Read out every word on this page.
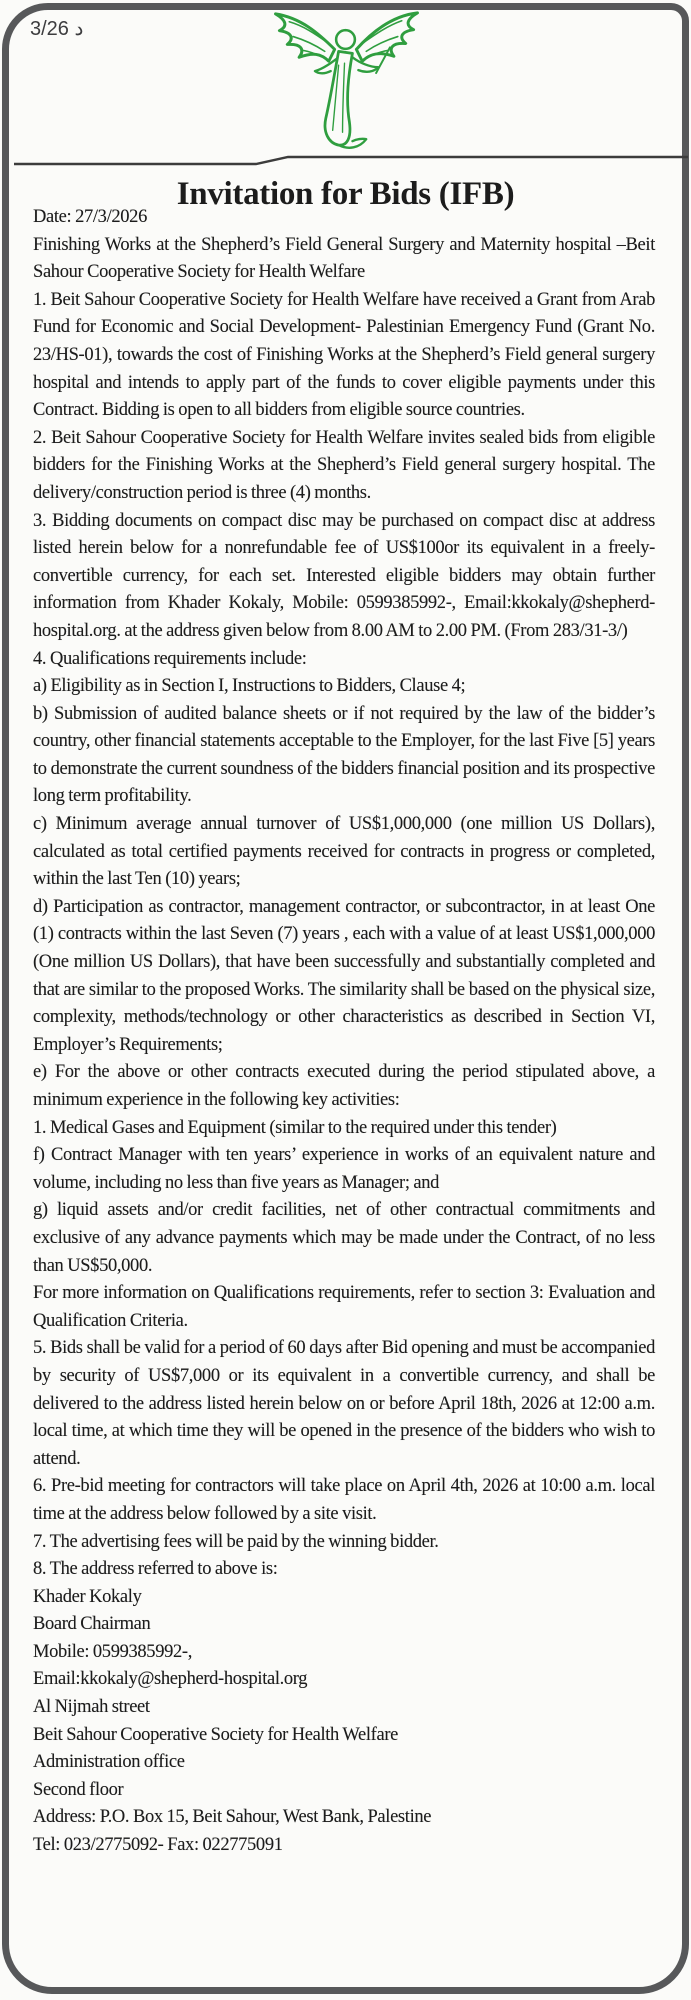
د 3/26
Invitation for Bids (IFB)

Date: 27/3/2026

Finishing Works at the Shepherd’s Field General Surgery and Maternity hospital –Beit Sahour Cooperative Society for Health Welfare

1. Beit Sahour Cooperative Society for Health Welfare have received a Grant from Arab Fund for Economic and Social Development- Palestinian Emergency Fund (Grant No. 23/HS-01), towards the cost of Finishing Works at the Shepherd’s Field general surgery hospital and intends to apply part of the funds to cover eligible payments under this Contract. Bidding is open to all bidders from eligible source countries.

2. Beit Sahour Cooperative Society for Health Welfare invites sealed bids from eligible bidders for the Finishing Works at the Shepherd’s Field general surgery hospital. The delivery/construction period is three (4) months.

3. Bidding documents on compact disc may be purchased on compact disc at address listed herein below for a nonrefundable fee of US$100or its equivalent in a freely-convertible currency, for each set. Interested eligible bidders may obtain further information from Khader Kokaly, Mobile: 0599385992-, Email:kkokaly@shepherd-hospital.org. at the address given below from 8.00 AM to 2.00 PM. (From 283/31-3/)

4. Qualifications requirements include:

a) Eligibility as in Section I, Instructions to Bidders, Clause 4;

b) Submission of audited balance sheets or if not required by the law of the bidder’s country, other financial statements acceptable to the Employer, for the last Five [5] years to demonstrate the current soundness of the bidders financial position and its prospective long term profitability.

c) Minimum average annual turnover of US$1,000,000 (one million US Dollars), calculated as total certified payments received for contracts in progress or completed, within the last Ten (10) years;

d) Participation as contractor, management contractor, or subcontractor, in at least One (1) contracts within the last Seven (7) years , each with a value of at least US$1,000,000 (One million US Dollars), that have been successfully and substantially completed and that are similar to the proposed Works. The similarity shall be based on the physical size, complexity, methods/technology or other characteristics as described in Section VI, Employer’s Requirements;

e) For the above or other contracts executed during the period stipulated above, a minimum experience in the following key activities:

1. Medical Gases and Equipment (similar to the required under this tender)

f) Contract Manager with ten years’ experience in works of an equivalent nature and volume, including no less than five years as Manager; and

g) liquid assets and/or credit facilities, net of other contractual commitments and exclusive of any advance payments which may be made under the Contract, of no less than US$50,000.

For more information on Qualifications requirements, refer to section 3: Evaluation and Qualification Criteria.

5. Bids shall be valid for a period of 60 days after Bid opening and must be accompanied by security of US$7,000 or its equivalent in a convertible currency, and shall be delivered to the address listed herein below on or before April 18th, 2026 at 12:00 a.m. local time, at which time they will be opened in the presence of the bidders who wish to attend.

6. Pre-bid meeting for contractors will take place on April 4th, 2026 at 10:00 a.m. local time at the address below followed by a site visit.

7. The advertising fees will be paid by the winning bidder.

8. The address referred to above is:

Khader Kokaly

Board Chairman

Mobile: 0599385992-,

Email:kkokaly@shepherd-hospital.org

Al Nijmah street

Beit Sahour Cooperative Society for Health Welfare

Administration office

Second floor

Address: P.O. Box 15, Beit Sahour, West Bank, Palestine

Tel: 023/2775092- Fax: 022775091
